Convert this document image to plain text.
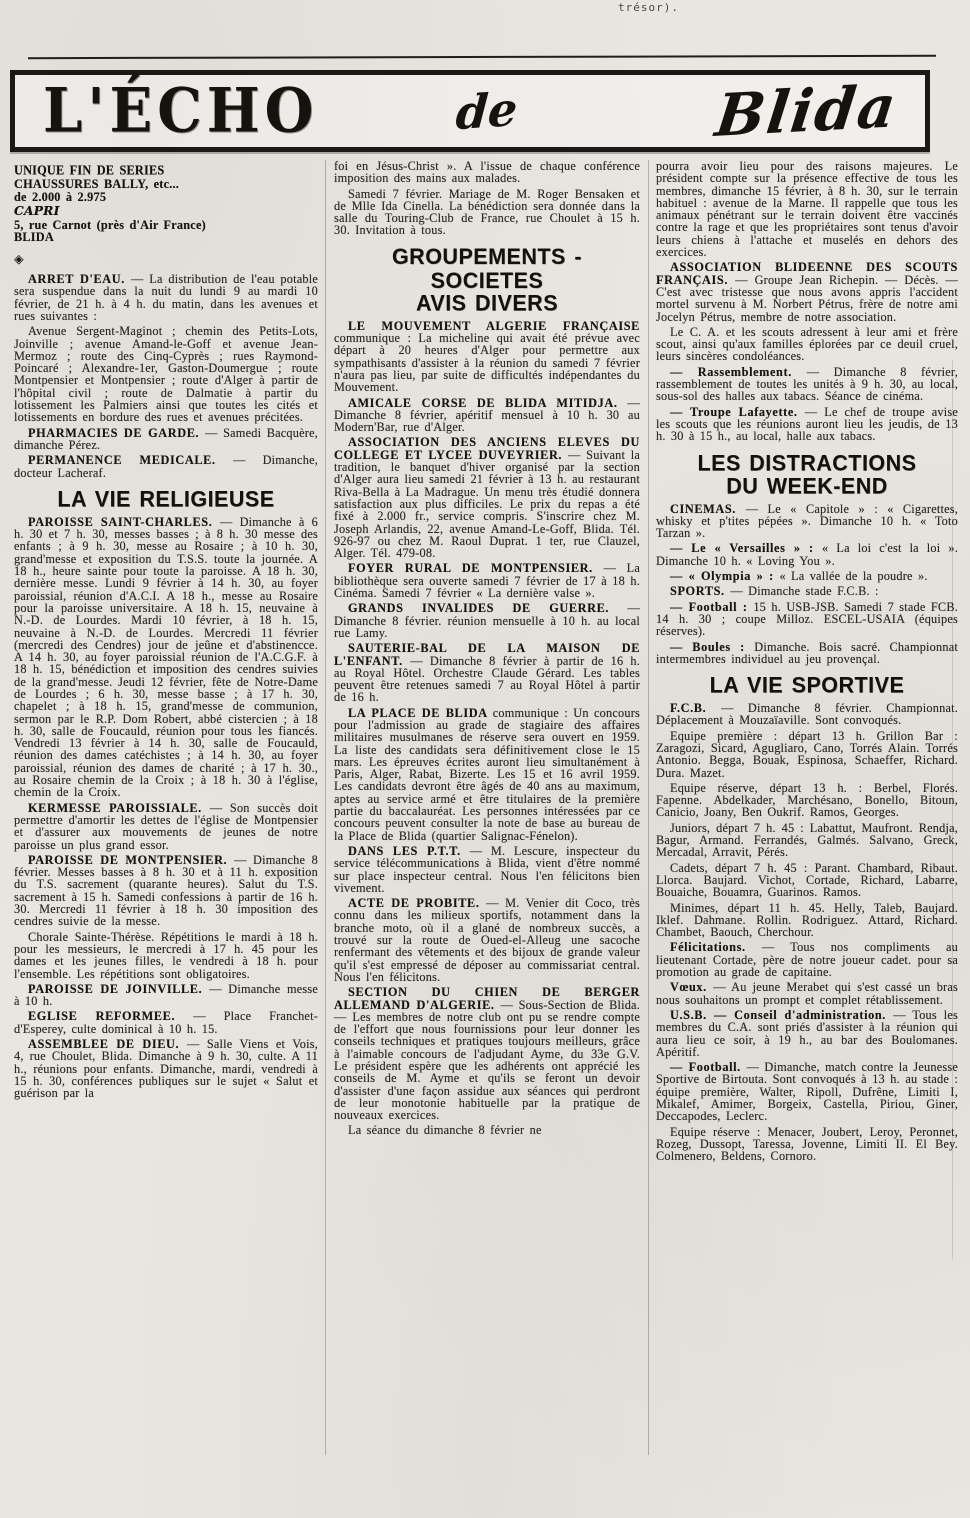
trésor).
L'ÉCHO	de	Blida
UNIQUE FIN DE SERIES
CHAUSSURES BALLY, etc...
de 2.000 à 2.975
CAPRI
5, rue Carnot (près d'Air France)
BLIDA
◈

ARRET D'EAU. — La distribution de l'eau potable sera suspendue dans la nuit du lundi 9 au mardi 10 février, de 21 h. à 4 h. du matin, dans les avenues et rues suivantes :

Avenue Sergent-Maginot ; chemin des Petits-Lots, Joinville ; avenue Amand-le-Goff et avenue Jean-Mermoz ; route des Cinq-Cyprès ; rues Raymond-Poincaré ; Alexandre-1er, Gaston-Doumergue ; route Montpensier et Montpensier ; route d'Alger à partir de l'hôpital civil ; route de Dalmatie à partir du lotissement les Palmiers ainsi que toutes les cités et lotissements en bordure des rues et avenues précitées.

PHARMACIES DE GARDE. — Samedi Bacquère, dimanche Pérez.

PERMANENCE MEDICALE. — Dimanche, docteur Lacheraf.

LA VIE RELIGIEUSE

PAROISSE SAINT-CHARLES. — Dimanche à 6 h. 30 et 7 h. 30, messes basses ; à 8 h. 30 messe des enfants ; à 9 h. 30, messe au Rosaire ; à 10 h. 30, grand'messe et exposition du T.S.S. toute la journée. A 18 h., heure sainte pour toute la paroisse. A 18 h. 30, dernière messe. Lundi 9 février à 14 h. 30, au foyer paroissial, réunion d'A.C.I. A 18 h., messe au Rosaire pour la paroisse universitaire. A 18 h. 15, neuvaine à N.-D. de Lourdes. Mardi 10 février, à 18 h. 15, neuvaine à N.-D. de Lourdes. Mercredi 11 février (mercredi des Cendres) jour de jeûne et d'abstinencce. A 14 h. 30, au foyer paroissial réunion de l'A.C.G.F. à 18 h. 15, bénédiction et imposition des cendres suivies de la grand'messe. Jeudi 12 février, fête de Notre-Dame de Lourdes ; 6 h. 30, messe basse ; à 17 h. 30, chapelet ; à 18 h. 15, grand'messe de communion, sermon par le R.P. Dom Robert, abbé cistercien ; à 18 h. 30, salle de Foucauld, réunion pour tous les fiancés. Vendredi 13 février à 14 h. 30, salle de Foucauld, réunion des dames catéchistes ; à 14 h. 30, au foyer paroissial, réunion des dames de charité ; à 17 h. 30., au Rosaire chemin de la Croix ; à 18 h. 30 à l'église, chemin de la Croix.

KERMESSE PAROISSIALE. — Son succès doit permettre d'amortir les dettes de l'église de Montpensier et d'assurer aux mouvements de jeunes de notre paroisse un plus grand essor.

PAROISSE DE MONTPENSIER. — Dimanche 8 février. Messes basses à 8 h. 30 et à 11 h. exposition du T.S. sacrement (quarante heures). Salut du T.S. sacrement à 15 h. Samedi confessions à partir de 16 h. 30. Mercredi 11 février à 18 h. 30 imposition des cendres suivie de la messe.

Chorale Sainte-Thérèse. Répétitions le mardi à 18 h. pour les messieurs, le mercredi à 17 h. 45 pour les dames et les jeunes filles, le vendredi à 18 h. pour l'ensemble. Les répétitions sont obligatoires.

PAROISSE DE JOINVILLE. — Dimanche messe à 10 h.

EGLISE REFORMEE. — Place Franchet-d'Esperey, culte dominical à 10 h. 15.

ASSEMBLEE DE DIEU. — Salle Viens et Vois, 4, rue Choulet, Blida. Dimanche à 9 h. 30, culte. A 11 h., réunions pour enfants. Dimanche, mardi, vendredi à 15 h. 30, conférences publiques sur le sujet « Salut et guérison par la

foi en Jésus-Christ ». A l'issue de chaque conférence imposition des mains aux malades.

Samedi 7 février. Mariage de M. Roger Bensaken et de Mlle Ida Cinella. La bénédiction sera donnée dans la salle du Touring-Club de France, rue Choulet à 15 h. 30. Invitation à tous.

GROUPEMENTS - SOCIETES
AVIS DIVERS

LE MOUVEMENT ALGERIE FRANÇAISE communique : La micheline qui avait été prévue avec départ à 20 heures d'Alger pour permettre aux sympathisants d'assister à la réunion du samedi 7 février n'aura pas lieu, par suite de difficultés indépendantes du Mouvement.

AMICALE CORSE DE BLIDA MITIDJA. — Dimanche 8 février, apéritif mensuel à 10 h. 30 au Modern'Bar, rue d'Alger.

ASSOCIATION DES ANCIENS ELEVES DU COLLEGE ET LYCEE DUVEYRIER. — Suivant la tradition, le banquet d'hiver organisé par la section d'Alger aura lieu samedi 21 février à 13 h. au restaurant Riva-Bella à La Madrague. Un menu très étudié donnera satisfaction aux plus difficiles. Le prix du repas a été fixé à 2.000 fr., service compris. S'inscrire chez M. Joseph Arlandis, 22, avenue Amand-Le-Goff, Blida. Tél. 926-97 ou chez M. Raoul Duprat. 1 ter, rue Clauzel, Alger. Tél. 479-08.

FOYER RURAL DE MONTPENSIER. — La bibliothèque sera ouverte samedi 7 février de 17 à 18 h. Cinéma. Samedi 7 février « La dernière valse ».

GRANDS INVALIDES DE GUERRE. — Dimanche 8 février. réunion mensuelle à 10 h. au local rue Lamy.

SAUTERIE-BAL DE LA MAISON DE L'ENFANT. — Dimanche 8 février à partir de 16 h. au Royal Hôtel. Orchestre Claude Gérard. Les tables peuvent être retenues samedi 7 au Royal Hôtel à partir de 16 h.

LA PLACE DE BLIDA communique : Un concours pour l'admission au grade de stagiaire des affaires militaires musulmanes de réserve sera ouvert en 1959. La liste des candidats sera définitivement close le 15 mars. Les épreuves écrites auront lieu simultanément à Paris, Alger, Rabat, Bizerte. Les 15 et 16 avril 1959. Les candidats devront être âgés de 40 ans au maximum, aptes au service armé et être titulaires de la première partie du baccalauréat. Les personnes intéressées par ce concours peuvent consulter la note de base au bureau de la Place de Blida (quartier Salignac-Fénelon).

DANS LES P.T.T. — M. Lescure, inspecteur du service télécommunications à Blida, vient d'être nommé sur place inspecteur central. Nous l'en félicitons bien vivement.

ACTE DE PROBITE. — M. Venier dit Coco, très connu dans les milieux sportifs, notamment dans la branche moto, où il a glané de nombreux succès, a trouvé sur la route de Oued-el-Alleug une sacoche renfermant des vêtements et des bijoux de grande valeur qu'il s'est empressé de déposer au commissariat central. Nous l'en félicitons.

SECTION DU CHIEN DE BERGER ALLEMAND D'ALGERIE. — Sous-Section de Blida. — Les membres de notre club ont pu se rendre compte de l'effort que nous fournissions pour leur donner les conseils techniques et pratiques toujours meilleurs, grâce à l'aimable concours de l'adjudant Ayme, du 33e G.V. Le président espère que les adhérents ont apprécié les conseils de M. Ayme et qu'ils se feront un devoir d'assister d'une façon assidue aux séances qui perdront de leur monotonie habituelle par la pratique de nouveaux exercices.

La séance du dimanche 8 février ne

pourra avoir lieu pour des raisons majeures. Le président compte sur la présence effective de tous les membres, dimanche 15 février, à 8 h. 30, sur le terrain habituel : avenue de la Marne. Il rappelle que tous les animaux pénétrant sur le terrain doivent être vaccinés contre la rage et que les propriétaires sont tenus d'avoir leurs chiens à l'attache et muselés en dehors des exercices.

ASSOCIATION BLIDEENNE DES SCOUTS FRANÇAIS. — Groupe Jean Richepin. — Décès. — C'est avec tristesse que nous avons appris l'accident mortel survenu à M. Norbert Pétrus, frère de notre ami Jocelyn Pétrus, membre de notre association.

Le C. A. et les scouts adressent à leur ami et frère scout, ainsi qu'aux familles éplorées par ce deuil cruel, leurs sincères condoléances.

— Rassemblement. — Dimanche 8 février, rassemblement de toutes les unités à 9 h. 30, au local, sous-sol des halles aux tabacs. Séance de cinéma.

— Troupe Lafayette. — Le chef de troupe avise les scouts que les réunions auront lieu les jeudis, de 13 h. 30 à 15 h., au local, halle aux tabacs.

LES DISTRACTIONS
DU WEEK-END

CINEMAS. — Le « Capitole » : « Cigarettes, whisky et p'tites pépées ». Dimanche 10 h. « Toto Tarzan ».

— Le « Versailles » : « La loi c'est la loi ». Dimanche 10 h. « Loving You ».

— « Olympia » : « La vallée de la poudre ».

SPORTS. — Dimanche stade F.C.B. :

— Football : 15 h. USB-JSB. Samedi 7 stade FCB. 14 h. 30 ; coupe Milloz. ESCEL-USAIA (équipes réserves).

— Boules : Dimanche. Bois sacré. Championnat intermembres individuel au jeu provençal.

LA VIE SPORTIVE

F.C.B. — Dimanche 8 février. Championnat. Déplacement à Mouzaïaville. Sont convoqués.

Equipe première : départ 13 h. Grillon Bar : Zaragozi, Sicard, Agugliaro, Cano, Torrés Alain. Torrés Antonio. Begga, Bouak, Espinosa, Schaeffer, Richard. Dura. Mazet.

Equipe réserve, départ 13 h. : Berbel, Florés. Fapenne. Abdelkader, Marchésano, Bonello, Bitoun, Canicio, Joany, Ben Oukrif. Ramos, Georges.

Juniors, départ 7 h. 45 : Labattut, Maufront. Rendja, Bagur, Armand. Ferrandés, Galmés. Salvano, Greck, Mercadal, Arravit, Pérés.

Cadets, départ 7 h. 45 : Parant. Chambard, Ribaut. Llorca. Baujard. Vichot, Cortade, Richard, Labarre, Bouaiche, Bouamra, Guarinos. Ramos.

Minimes, départ 11 h. 45. Helly, Taleb, Baujard. Iklef. Dahmane. Rollin. Rodriguez. Attard, Richard. Chambet, Baouch, Cherchour.

Félicitations. — Tous nos compliments au lieutenant Cortade, père de notre joueur cadet. pour sa promotion au grade de capitaine.

Vœux. — Au jeune Merabet qui s'est cassé un bras nous souhaitons un prompt et complet rétablissement.

U.S.B. — Conseil d'administration. — Tous les membres du C.A. sont priés d'assister à la réunion qui aura lieu ce soir, à 19 h., au bar des Boulomanes. Apéritif.

— Football. — Dimanche, match contre la Jeunesse Sportive de Birtouta. Sont convoqués à 13 h. au stade : équipe première, Walter, Ripoll, Dufrêne, Limiti I, Mikalef, Amimer, Borgeix, Castella, Piriou, Giner, Deccapodes, Leclerc.

Equipe réserve : Menacer, Joubert, Leroy, Peronnet, Rozeg, Dussopt, Taressa, Jovenne, Limiti II. El Bey. Colmenero, Beldens, Cornoro.
